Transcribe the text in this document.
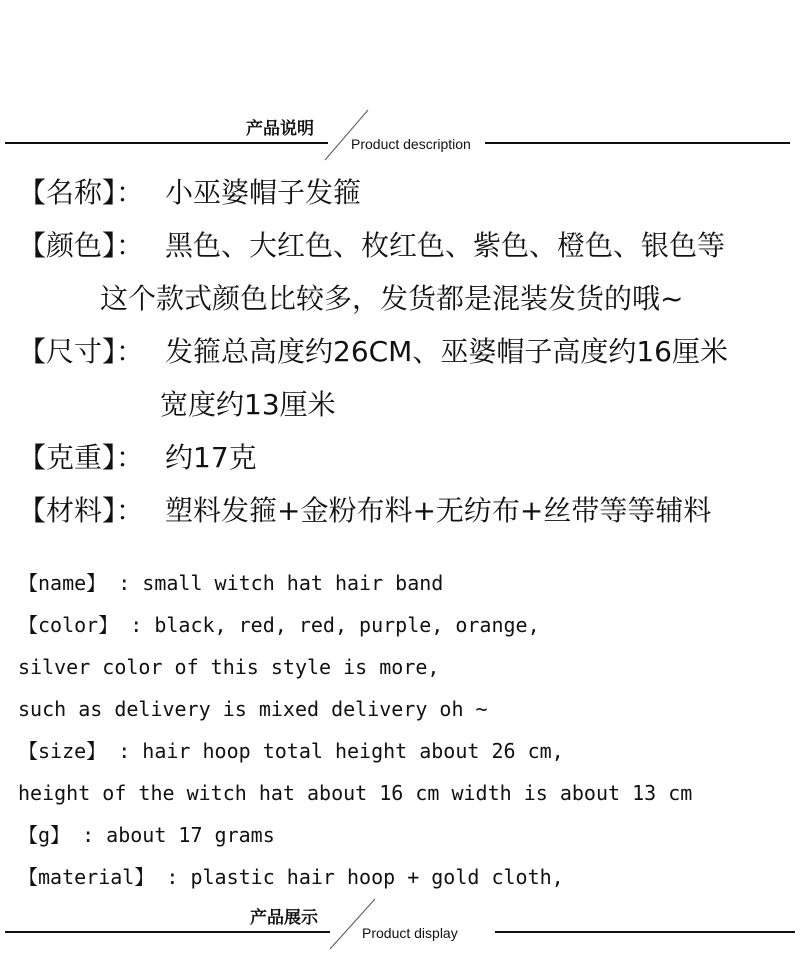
产品说明
Product description
【名称】： 小巫婆帽子发箍
【颜色】： 黑色、大红色、枚红色、紫色、橙色、银色等
这个款式颜色比较多，发货都是混装发货的哦~
【尺寸】： 发箍总高度约26CM、巫婆帽子高度约16厘米
宽度约13厘米
【克重】： 约17克
【材料】： 塑料发箍+金粉布料+无纺布+丝带等等辅料
【name】 : small witch hat hair band
【color】 : black, red, red, purple, orange,
silver color of this style is more,
such as delivery is mixed delivery oh ~
【size】 : hair hoop total height about 26 cm,
height of the witch hat about 16 cm width is about 13 cm
【g】 : about 17 grams
【material】 : plastic hair hoop + gold cloth,
产品展示
Product display
